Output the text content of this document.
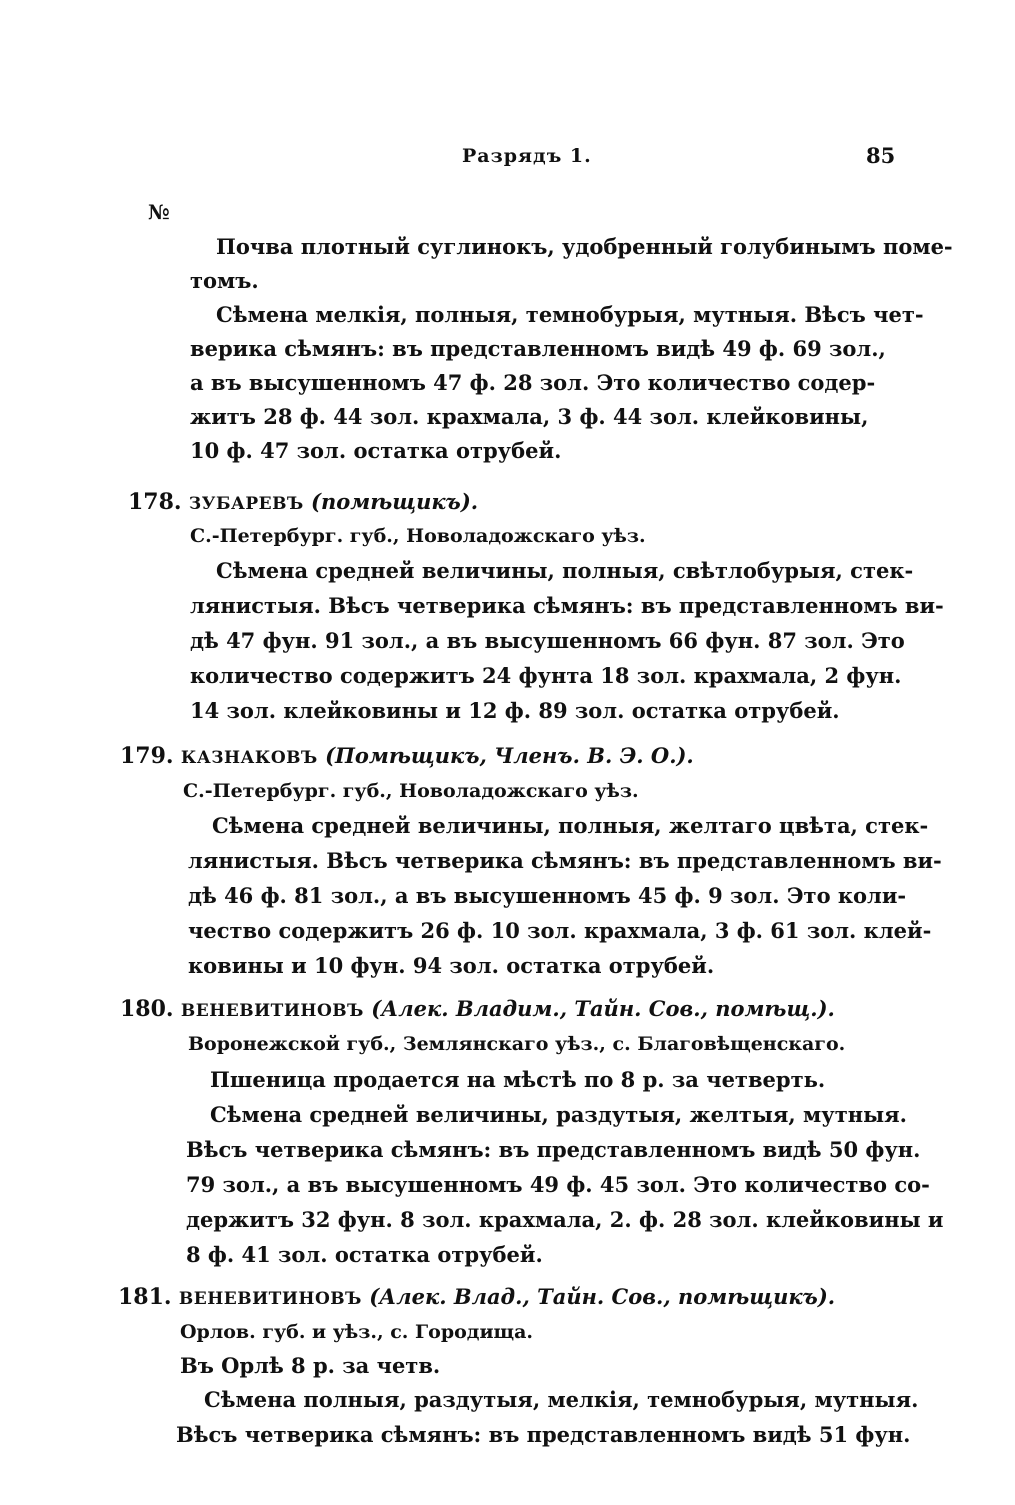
Разрядъ 1.	85
№
Почва плотный суглинокъ, удобренный голубинымъ поме-
томъ.
Сѣмена мелкія, полныя, темнобурыя, мутныя. Вѣсъ чет-
верика сѣмянъ: въ представленномъ видѣ 49 ф. 69 зол.,
а въ высушенномъ 47 ф. 28 зол. Это количество содер-
житъ 28 ф. 44 зол. крахмала, 3 ф. 44 зол. клейковины,
10 ф. 47 зол. остатка отрубей.
178. ЗУБАРЕВЪ (помѣщикъ).
С.-Петербург. губ., Новоладожскаго уѣз.
Сѣмена средней величины, полныя, свѣтлобурыя, стек-
лянистыя. Вѣсъ четверика сѣмянъ: въ представленномъ ви-
дѣ 47 фун. 91 зол., а въ высушенномъ 66 фун. 87 зол. Это
количество содержитъ 24 фунта 18 зол. крахмала, 2 фун.
14 зол. клейковины и 12 ф. 89 зол. остатка отрубей.
179. КАЗНАКОВЪ (Помѣщикъ, Членъ. В. Э. О.).
С.-Петербург. губ., Новоладожскаго уѣз.
Сѣмена средней величины, полныя, желтаго цвѣта, стек-
лянистыя. Вѣсъ четверика сѣмянъ: въ представленномъ ви-
дѣ 46 ф. 81 зол., а въ высушенномъ 45 ф. 9 зол. Это коли-
чество содержитъ 26 ф. 10 зол. крахмала, 3 ф. 61 зол. клей-
ковины и 10 фун. 94 зол. остатка отрубей.
180. ВЕНЕВИТИНОВЪ (Алек. Владим., Тайн. Сов., помѣщ.).
Воронежской губ., Землянскаго уѣз., с. Благовѣщенскаго.
Пшеница продается на мѣстѣ по 8 р. за четверть.
Сѣмена средней величины, раздутыя, желтыя, мутныя.
Вѣсъ четверика сѣмянъ: въ представленномъ видѣ 50 фун.
79 зол., а въ высушенномъ 49 ф. 45 зол. Это количество со-
держитъ 32 фун. 8 зол. крахмала, 2. ф. 28 зол. клейковины и
8 ф. 41 зол. остатка отрубей.
181. ВЕНЕВИТИНОВЪ (Алек. Влад., Тайн. Сов., помѣщикъ).
Орлов. губ. и уѣз., с. Городища.
Въ Орлѣ 8 р. за четв.
Сѣмена полныя, раздутыя, мелкія, темнобурыя, мутныя.
Вѣсъ четверика сѣмянъ: въ представленномъ видѣ 51 фун.
